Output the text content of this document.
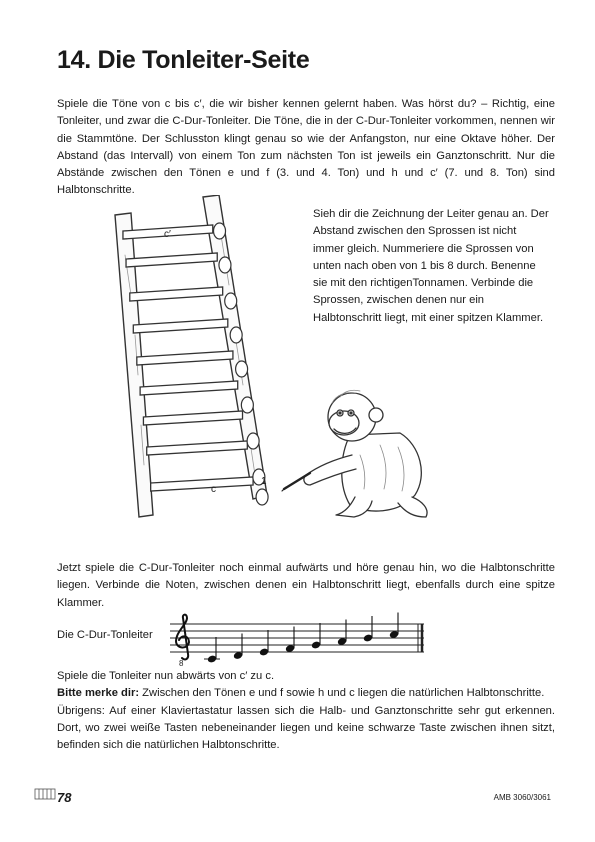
14. Die Tonleiter-Seite

Spiele die Töne von c bis c′, die wir bisher kennen gelernt haben. Was hörst du? – Richtig, eine Tonleiter, und zwar die C-Dur-Tonleiter. Die Töne, die in der C-Dur-Tonleiter vorkommen, nennen wir die Stammtöne. Der Schlusston klingt genau so wie der Anfangston, nur eine Oktave höher. Der Abstand (das Intervall) von einem Ton zum nächsten Ton ist jeweils ein Ganztonschritt. Nur die Abstände zwischen den Tönen e und f (3. und 4. Ton) und h und c′ (7. und 8. Ton) sind Halbtonschritte.

c′
c
1

Sieh dir die Zeichnung der Leiter genau an. Der Abstand zwischen den Sprossen ist nicht immer gleich. Nummeriere die Sprossen von unten nach oben von 1 bis 8 durch. Benenne sie mit den richtigenTonnamen. Verbinde die Sprossen, zwischen denen nur ein Halbtonschritt liegt, mit einer spitzen Klammer.

Jetzt spiele die C-Dur-Tonleiter noch einmal aufwärts und höre genau hin, wo die Halbtonschritte liegen. Verbinde die Noten, zwischen denen ein Halbtonschritt liegt, ebenfalls durch eine spitze Klammer.

Die C-Dur-Tonleiter
8

Spiele die Tonleiter nun abwärts von c′ zu c.
Bitte merke dir: Zwischen den Tönen e und f sowie h und c liegen die natürlichen Halbtonschritte.
Übrigens: Auf einer Klaviertastatur lassen sich die Halb- und Ganztonschritte sehr gut erkennen. Dort, wo zwei weiße Tasten nebeneinander liegen und keine schwarze Taste zwischen ihnen sitzt, befinden sich die natürlichen Halbtonschritte.

78	AMB 3060/3061
